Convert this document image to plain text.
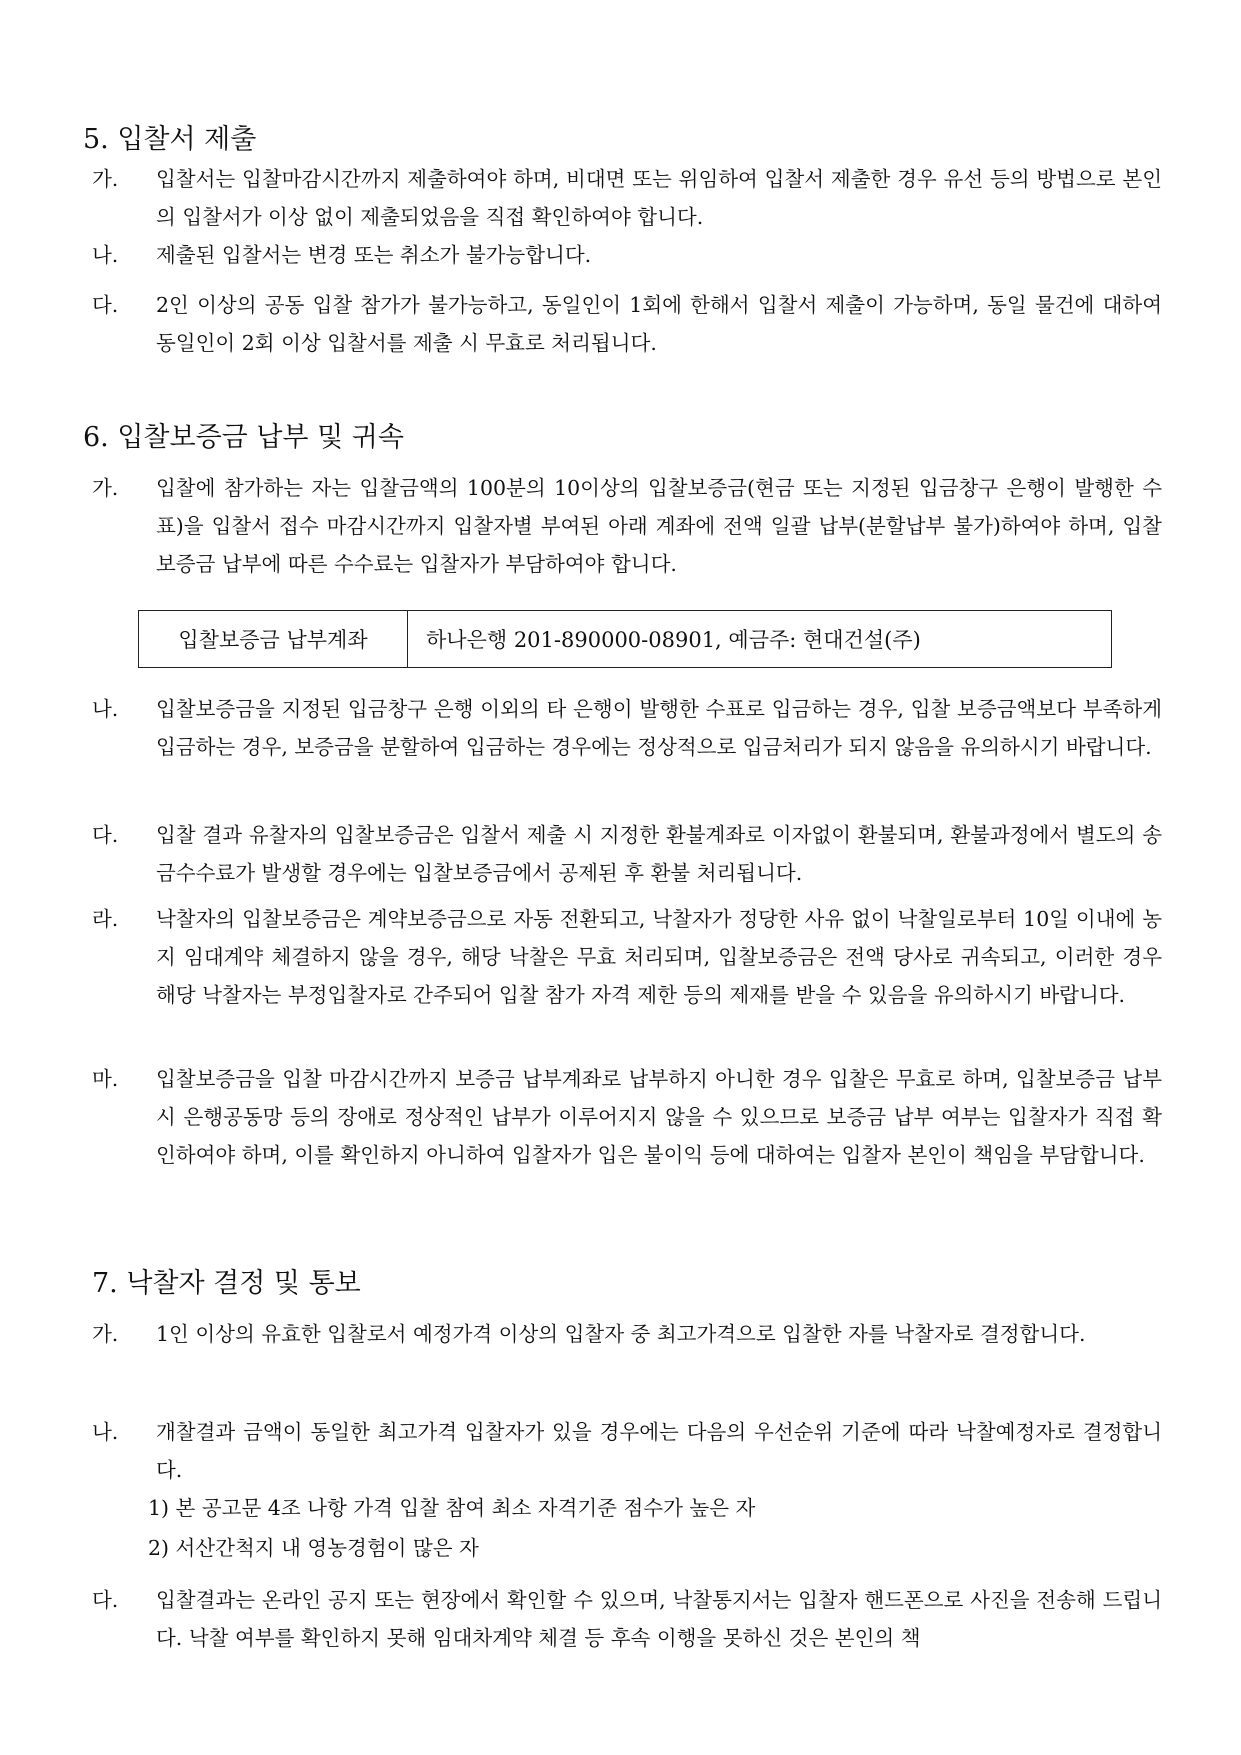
5. 입찰서 제출
가. 입찰서는 입찰마감시간까지 제출하여야 하며, 비대면 또는 위임하여 입찰서 제출한 경우 유선 등의 방법으로 본인의 입찰서가 이상 없이 제출되었음을 직접 확인하여야 합니다.
나. 제출된 입찰서는 변경 또는 취소가 불가능합니다.
다. 2인 이상의 공동 입찰 참가가 불가능하고, 동일인이 1회에 한해서 입찰서 제출이 가능하며, 동일 물건에 대하여 동일인이 2회 이상 입찰서를 제출 시 무효로 처리됩니다.
6. 입찰보증금 납부 및 귀속
가. 입찰에 참가하는 자는 입찰금액의 100분의 10이상의 입찰보증금(현금 또는 지정된 입금창구 은행이 발행한 수표)을 입찰서 접수 마감시간까지 입찰자별 부여된 아래 계좌에 전액 일괄 납부(분할납부 불가)하여야 하며, 입찰보증금 납부에 따른 수수료는 입찰자가 부담하여야 합니다.
입찰보증금 납부계좌	하나은행 201-890000-08901, 예금주: 현대건설(주)
나. 입찰보증금을 지정된 입금창구 은행 이외의 타 은행이 발행한 수표로 입금하는 경우, 입찰 보증금액보다 부족하게 입금하는 경우, 보증금을 분할하여 입금하는 경우에는 정상적으로 입금처리가 되지 않음을 유의하시기 바랍니다.
다. 입찰 결과 유찰자의 입찰보증금은 입찰서 제출 시 지정한 환불계좌로 이자없이 환불되며, 환불과정에서 별도의 송금수수료가 발생할 경우에는 입찰보증금에서 공제된 후 환불 처리됩니다.
라. 낙찰자의 입찰보증금은 계약보증금으로 자동 전환되고, 낙찰자가 정당한 사유 없이 낙찰일로부터 10일 이내에 농지 임대계약 체결하지 않을 경우, 해당 낙찰은 무효 처리되며, 입찰보증금은 전액 당사로 귀속되고, 이러한 경우 해당 낙찰자는 부정입찰자로 간주되어 입찰 참가 자격 제한 등의 제재를 받을 수 있음을 유의하시기 바랍니다.
마. 입찰보증금을 입찰 마감시간까지 보증금 납부계좌로 납부하지 아니한 경우 입찰은 무효로 하며, 입찰보증금 납부 시 은행공동망 등의 장애로 정상적인 납부가 이루어지지 않을 수 있으므로 보증금 납부 여부는 입찰자가 직접 확인하여야 하며, 이를 확인하지 아니하여 입찰자가 입은 불이익 등에 대하여는 입찰자 본인이 책임을 부담합니다.
7. 낙찰자 결정 및 통보
가. 1인 이상의 유효한 입찰로서 예정가격 이상의 입찰자 중 최고가격으로 입찰한 자를 낙찰자로 결정합니다.
나. 개찰결과 금액이 동일한 최고가격 입찰자가 있을 경우에는 다음의 우선순위 기준에 따라 낙찰예정자로 결정합니다.
1) 본 공고문 4조 나항 가격 입찰 참여 최소 자격기준 점수가 높은 자
2) 서산간척지 내 영농경험이 많은 자
다. 입찰결과는 온라인 공지 또는 현장에서 확인할 수 있으며, 낙찰통지서는 입찰자 핸드폰으로 사진을 전송해 드립니다. 낙찰 여부를 확인하지 못해 임대차계약 체결 등 후속 이행을 못하신 것은 본인의 책
